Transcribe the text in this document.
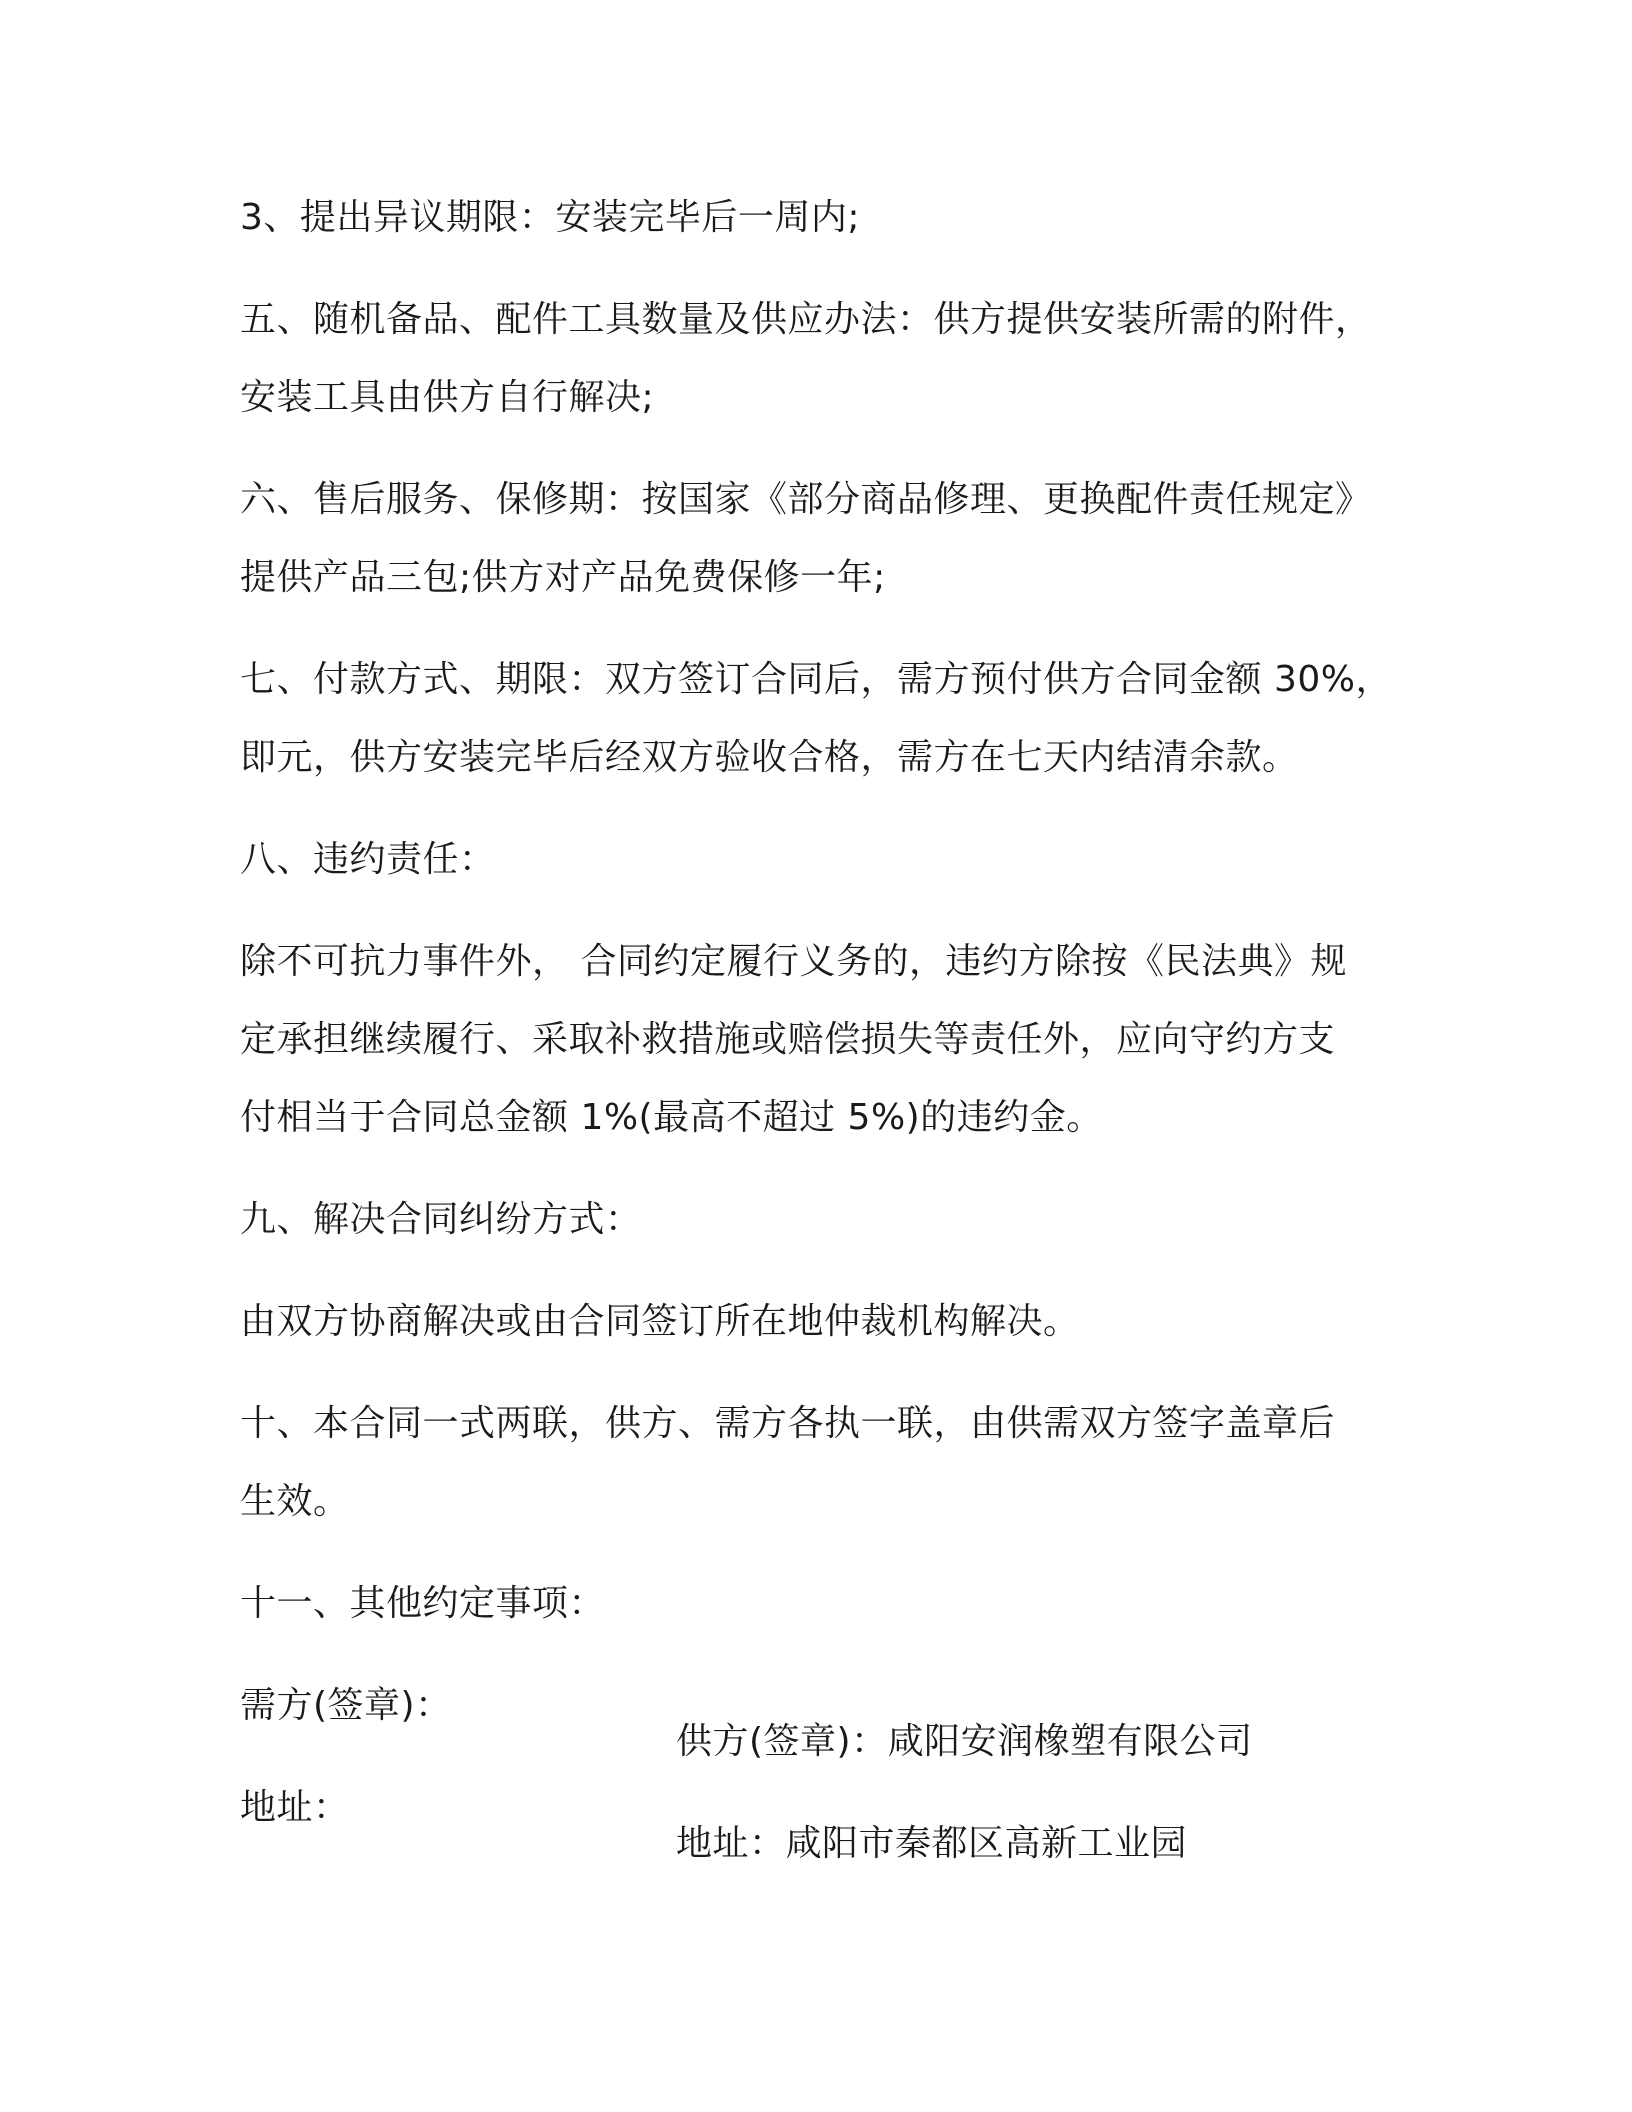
3、提出异议期限：安装完毕后一周内;

五、随机备品、配件工具数量及供应办法：供方提供安装所需的附件，

安装工具由供方自行解决;

六、售后服务、保修期：按国家《部分商品修理、更换配件责任规定》

提供产品三包;供方对产品免费保修一年;

七、付款方式、期限：双方签订合同后，需方预付供方合同金额 30%，

即元，供方安装完毕后经双方验收合格，需方在七天内结清余款。

八、违约责任：

除不可抗力事件外， 合同约定履行义务的，违约方除按《民法典》规

定承担继续履行、采取补救措施或赔偿损失等责任外，应向守约方支

付相当于合同总金额 1%(最高不超过 5%)的违约金。

九、解决合同纠纷方式：

由双方协商解决或由合同签订所在地仲裁机构解决。

十、本合同一式两联，供方、需方各执一联，由供需双方签字盖章后

生效。

十一、其他约定事项：

需方(签章)：

供方(签章)：咸阳安润橡塑有限公司

地址：

地址：咸阳市秦都区高新工业园
